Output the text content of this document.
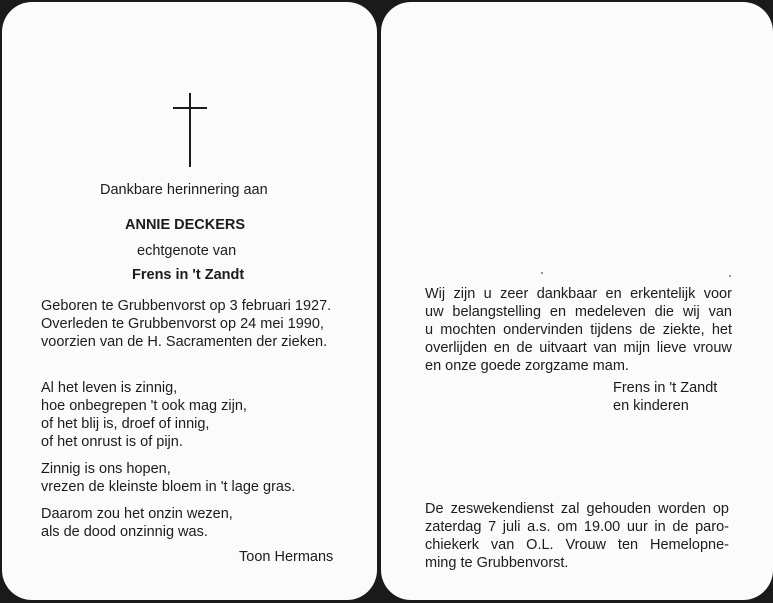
Dankbare herinnering aan
ANNIE DECKERS
echtgenote van
Frens in 't Zandt
Geboren te Grubbenvorst op 3 februari 1927.
Overleden te Grubbenvorst op 24 mei 1990,
voorzien van de H. Sacramenten der zieken.
Al het leven is zinnig,
hoe onbegrepen 't ook mag zijn,
of het blij is, droef of innig,
of het onrust is of pijn.
Zinnig is ons hopen,
vrezen de kleinste bloem in 't lage gras.
Daarom zou het onzin wezen,
als de dood onzinnig was.
Toon Hermans
Wij zijn u zeer dankbaar en erkentelijk voor
uw belangstelling en medeleven die wij van
u mochten ondervinden tijdens de ziekte, het
overlijden en de uitvaart van mijn lieve vrouw
en onze goede zorgzame mam.
Frens in 't Zandt
en kinderen
De zeswekendienst zal gehouden worden op
zaterdag 7 juli a.s. om 19.00 uur in de paro-
chiekerk van O.L. Vrouw ten Hemelopne-
ming te Grubbenvorst.
